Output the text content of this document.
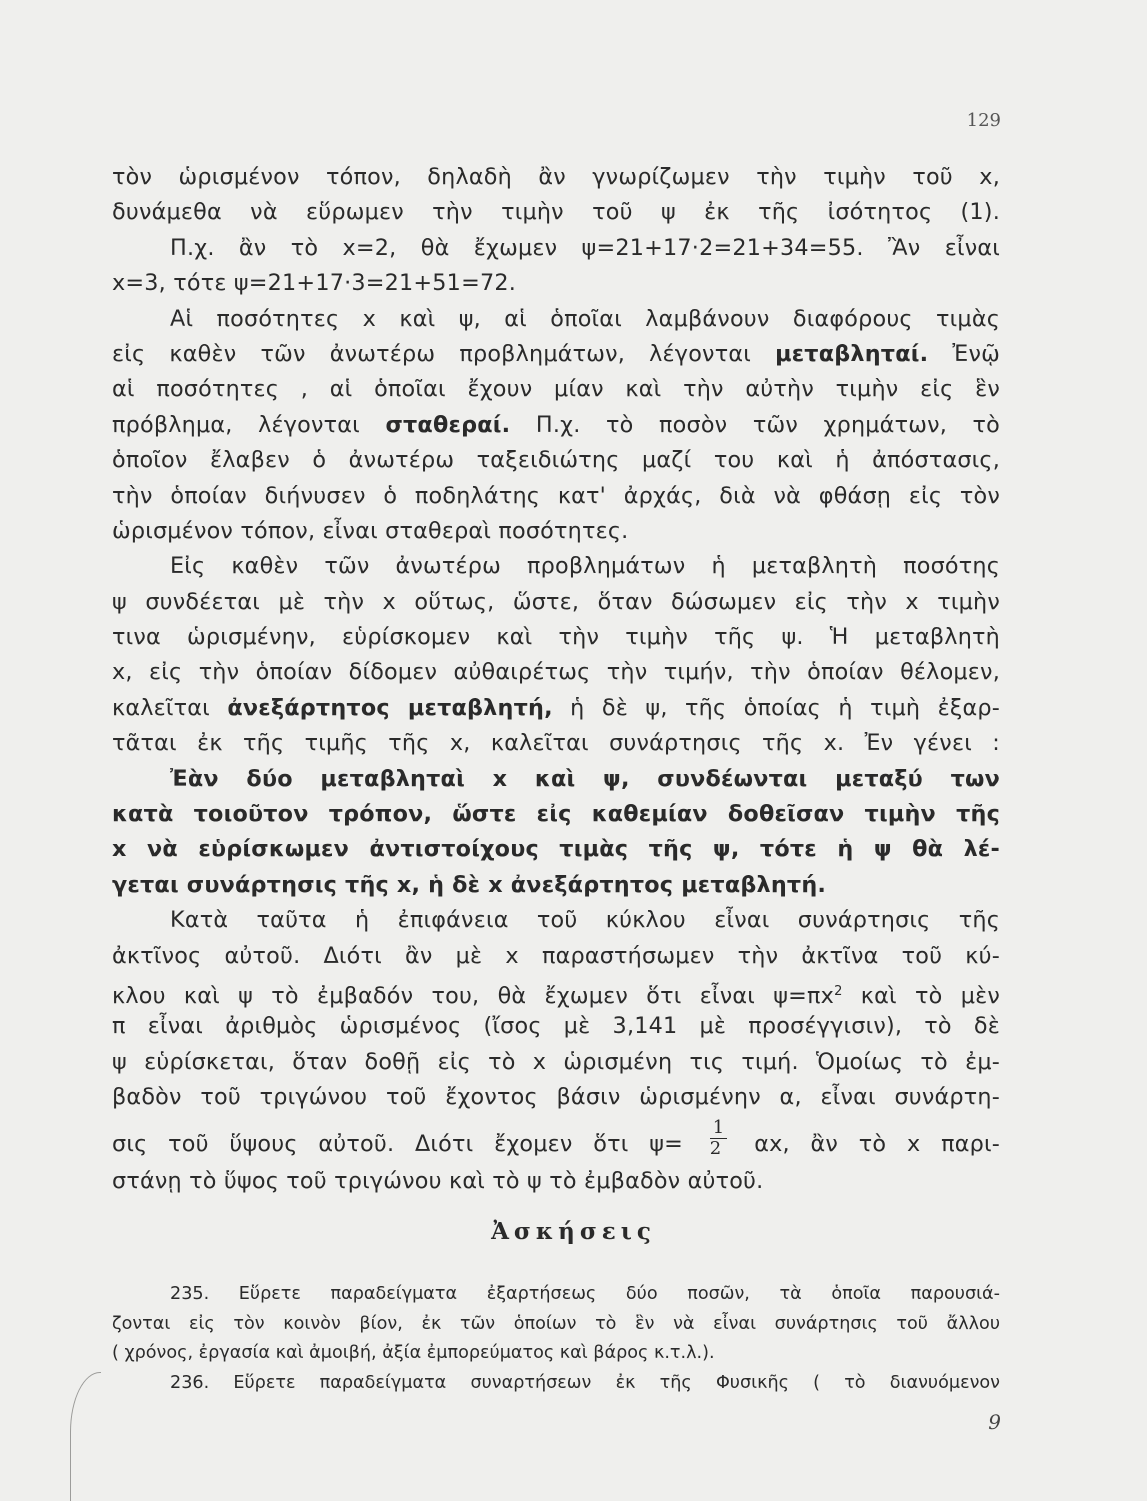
129
τὸν ὡρισμένον τόπον, δηλαδὴ ἂν γνωρίζωμεν τὴν τιμὴν τοῦ x,
δυνάμεθα νὰ εὕρωμεν τὴν τιμὴν τοῦ ψ ἐκ τῆς ἰσότητος (1).
Π.χ. ἂν τὸ x=2, θὰ ἔχωμεν ψ=21+17·2=21+34=55. Ἂν εἶναι
x=3, τότε ψ=21+17·3=21+51=72.
Αἱ ποσότητες x καὶ ψ, αἱ ὁποῖαι λαμβάνουν διαφόρους τιμὰς
εἰς καθὲν τῶν ἀνωτέρω προβλημάτων, λέγονται μεταβληταί. Ἐνῷ
αἱ ποσότητες , αἱ ὁποῖαι ἔχουν μίαν καὶ τὴν αὐτὴν τιμὴν εἰς ἓν
πρόβλημα, λέγονται σταθεραί. Π.χ. τὸ ποσὸν τῶν χρημάτων, τὸ
ὁποῖον ἔλαβεν ὁ ἀνωτέρω ταξειδιώτης μαζί του καὶ ἡ ἀπόστασις,
τὴν ὁποίαν διήνυσεν ὁ ποδηλάτης κατ' ἀρχάς, διὰ νὰ φθάσῃ εἰς τὸν
ὡρισμένον τόπον, εἶναι σταθεραὶ ποσότητες.
Εἰς καθὲν τῶν ἀνωτέρω προβλημάτων ἡ μεταβλητὴ ποσότης
ψ συνδέεται μὲ τὴν x οὕτως, ὥστε, ὅταν δώσωμεν εἰς τὴν x τιμὴν
τινα ὡρισμένην, εὑρίσκομεν καὶ τὴν τιμὴν τῆς ψ. Ἡ μεταβλητὴ
x, εἰς τὴν ὁποίαν δίδομεν αὐθαιρέτως τὴν τιμήν, τὴν ὁποίαν θέλομεν,
καλεῖται ἀνεξάρτητος μεταβλητή, ἡ δὲ ψ, τῆς ὁποίας ἡ τιμὴ ἐξαρ-
τᾶται ἐκ τῆς τιμῆς τῆς x, καλεῖται συνάρτησις τῆς x. Ἐν γένει :
Ἐὰν δύο μεταβληταὶ x καὶ ψ, συνδέωνται μεταξύ των
κατὰ τοιοῦτον τρόπον, ὥστε εἰς καθεμίαν δοθεῖσαν τιμὴν τῆς
x νὰ εὑρίσκωμεν ἀντιστοίχους τιμὰς τῆς ψ, τότε ἡ ψ θὰ λέ-
γεται συνάρτησις τῆς x, ἡ δὲ x ἀνεξάρτητος μεταβλητή.
Κατὰ ταῦτα ἡ ἐπιφάνεια τοῦ κύκλου εἶναι συνάρτησις τῆς
ἀκτῖνος αὐτοῦ. Διότι ἂν μὲ x παραστήσωμεν τὴν ἀκτῖνα τοῦ κύ-
κλου καὶ ψ τὸ ἐμβαδόν του, θὰ ἔχωμεν ὅτι εἶναι $\psi=\pi x^2$ καὶ τὸ μὲν
π εἶναι ἀριθμὸς ὡρισμένος (ἴσος μὲ 3,141 μὲ προσέγγισιν), τὸ δὲ
ψ εὑρίσκεται, ὅταν δοθῇ εἰς τὸ x ὡρισμένη τις τιμή. Ὁμοίως τὸ ἐμ-
βαδὸν τοῦ τριγώνου τοῦ ἔχοντος βάσιν ὡρισμένην α, εἶναι συνάρτη-
σις τοῦ ὕψους αὐτοῦ. Διότι ἔχομεν ὅτι $\psi= \frac{1}{2} \alpha x$, ἂν τὸ x παρι-
στάνῃ τὸ ὕψος τοῦ τριγώνου καὶ τὸ ψ τὸ ἐμβαδὸν αὐτοῦ.
Ἀσκήσεις
235. Εὕρετε παραδείγματα ἐξαρτήσεως δύο ποσῶν, τὰ ὁποῖα παρουσιά-
ζονται εἰς τὸν κοινὸν βίον, ἐκ τῶν ὁποίων τὸ ἓν νὰ εἶναι συνάρτησις τοῦ ἄλλου
( χρόνος, ἐργασία καὶ ἀμοιβή, ἀξία ἐμπορεύματος καὶ βάρος κ.τ.λ.).
236. Εὕρετε παραδείγματα συναρτήσεων ἐκ τῆς Φυσικῆς ( τὸ διανυόμενον
9
